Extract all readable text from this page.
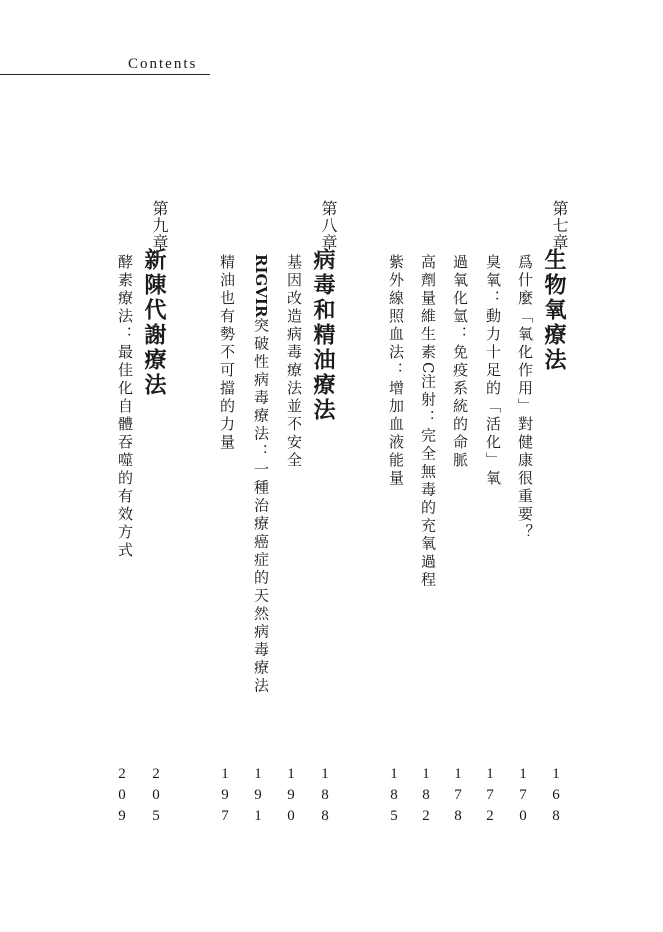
Contents
第七章
生物氧療法
爲什麼「氧化作用」對健康很重要？
臭氧：動力十足的「活化」氧
過氧化氫：免疫系統的命脈
高劑量維生素C注射：完全無毒的充氧過程
紫外線照血法：增加血液能量
第八章
病毒和精油療法
基因改造病毒療法並不安全
RIGVIR突破性病毒療法：一種治療癌症的天然病毒療法
精油也有勢不可擋的力量
第九章
新陳代謝療法
酵素療法：最佳化自體吞噬的有效方式
168
170
172
178
182
185
188
190
191
197
205
209
